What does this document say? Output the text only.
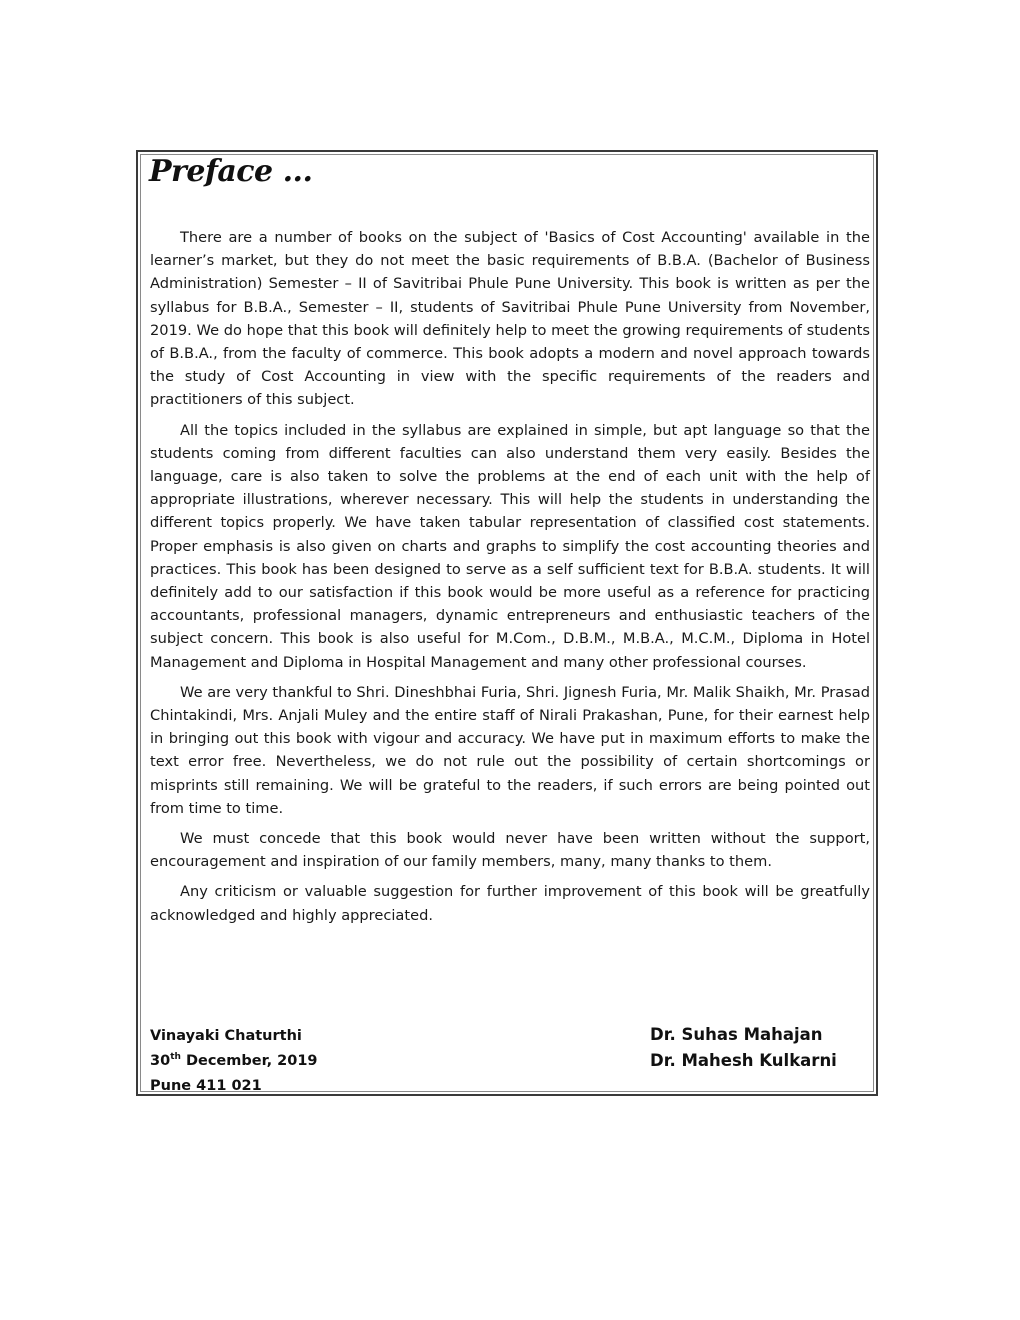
Preface ...

There are a number of books on the subject of 'Basics of Cost Accounting' available in the learner’s market, but they do not meet the basic requirements of B.B.A. (Bachelor of Business Administration) Semester – II of Savitribai Phule Pune University. This book is written as per the syllabus for B.B.A., Semester – II, students of Savitribai Phule Pune University from November, 2019. We do hope that this book will definitely help to meet the growing requirements of students of B.B.A., from the faculty of commerce. This book adopts a modern and novel approach towards the study of Cost Accounting in view with the specific requirements of the readers and practitioners of this subject.

All the topics included in the syllabus are explained in simple, but apt language so that the students coming from different faculties can also understand them very easily. Besides the language, care is also taken to solve the problems at the end of each unit with the help of appropriate illustrations, wherever necessary. This will help the students in understanding the different topics properly. We have taken tabular representation of classified cost statements. Proper emphasis is also given on charts and graphs to simplify the cost accounting theories and practices. This book has been designed to serve as a self sufficient text for B.B.A. students. It will definitely add to our satisfaction if this book would be more useful as a reference for practicing accountants, professional managers, dynamic entrepreneurs and enthusiastic teachers of the subject concern. This book is also useful for M.Com., D.B.M., M.B.A., M.C.M., Diploma in Hotel Management and Diploma in Hospital Management and many other professional courses.

We are very thankful to Shri. Dineshbhai Furia, Shri. Jignesh Furia, Mr. Malik Shaikh, Mr. Prasad Chintakindi, Mrs. Anjali Muley and the entire staff of Nirali Prakashan, Pune, for their earnest help in bringing out this book with vigour and accuracy. We have put in maximum efforts to make the text error free. Nevertheless, we do not rule out the possibility of certain shortcomings or misprints still remaining. We will be grateful to the readers, if such errors are being pointed out from time to time.

We must concede that this book would never have been written without the support, encouragement and inspiration of our family members, many, many thanks to them.

Any criticism or valuable suggestion for further improvement of this book will be greatfully acknowledged and highly appreciated.

Vinayaki Chaturthi
30th December, 2019
Pune 411 021
Dr. Suhas Mahajan
Dr. Mahesh Kulkarni
